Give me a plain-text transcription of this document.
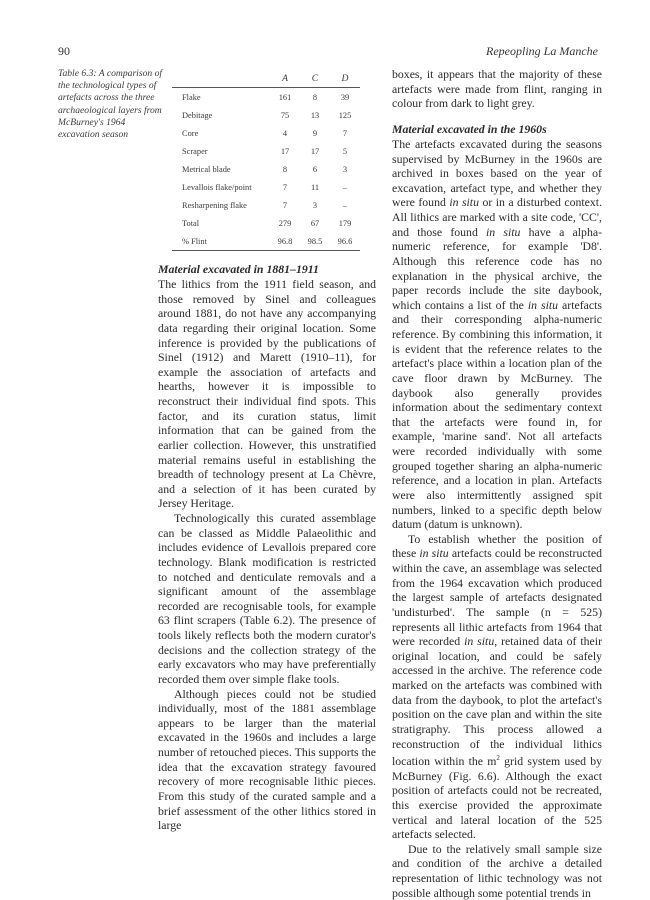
90	Repeopling La Manche
Table 6.3: A comparison of the technological types of artefacts across the three archaeological layers from McBurney's 1964 excavation season
	A	C	D
Flake	161	8	39
Debitage	75	13	125
Core	4	9	7
Scraper	17	17	5
Metrical blade	8	6	3
Levallois flake/point	7	11	–
Resharpening flake	7	3	–
Total	279	67	179
% Flint	96.8	98.5	96.6
Material excavated in 1881–1911

The lithics from the 1911 field season, and those removed by Sinel and colleagues around 1881, do not have any accompanying data regarding their original location. Some inference is provided by the publications of Sinel (1912) and Marett (1910–11), for example the association of artefacts and hearths, however it is impossible to reconstruct their individual find spots. This factor, and its curation status, limit information that can be gained from the earlier collection. However, this unstratified material remains useful in establishing the breadth of technology present at La Chèvre, and a selection of it has been curated by Jersey Heritage.

Technologically this curated assemblage can be classed as Middle Palaeolithic and includes evidence of Levallois prepared core technology. Blank modification is restricted to notched and denticulate removals and a significant amount of the assemblage recorded are recognisable tools, for example 63 flint scrapers (Table 6.2). The presence of tools likely reflects both the modern curator's decisions and the collection strategy of the early excavators who may have preferentially recorded them over simple flake tools.

Although pieces could not be studied individually, most of the 1881 assemblage appears to be larger than the material excavated in the 1960s and includes a large number of retouched pieces. This supports the idea that the excavation strategy favoured recovery of more recognisable lithic pieces. From this study of the curated sample and a brief assessment of the other lithics stored in large

boxes, it appears that the majority of these artefacts were made from flint, ranging in colour from dark to light grey.

Material excavated in the 1960s

The artefacts excavated during the seasons supervised by McBurney in the 1960s are archived in boxes based on the year of excavation, artefact type, and whether they were found in situ or in a disturbed context. All lithics are marked with a site code, 'CC', and those found in situ have a alpha-numeric reference, for example 'D8'. Although this reference code has no explanation in the physical archive, the paper records include the site daybook, which contains a list of the in situ artefacts and their corresponding alpha-numeric reference. By combining this information, it is evident that the reference relates to the artefact's place within a location plan of the cave floor drawn by McBurney. The daybook also generally provides information about the sedimentary context that the artefacts were found in, for example, 'marine sand'. Not all artefacts were recorded individually with some grouped together sharing an alpha-numeric reference, and a location in plan. Artefacts were also intermittently assigned spit numbers, linked to a specific depth below datum (datum is unknown).

To establish whether the position of these in situ artefacts could be reconstructed within the cave, an assemblage was selected from the 1964 excavation which produced the largest sample of artefacts designated 'undisturbed'. The sample (n = 525) represents all lithic artefacts from 1964 that were recorded in situ, retained data of their original location, and could be safely accessed in the archive. The reference code marked on the artefacts was combined with data from the daybook, to plot the artefact's position on the cave plan and within the site stratigraphy. This process allowed a reconstruction of the individual lithics location within the $m^2$ grid system used by McBurney (Fig. 6.6). Although the exact position of artefacts could not be recreated, this exercise provided the approximate vertical and lateral location of the 525 artefacts selected.

Due to the relatively small sample size and condition of the archive a detailed representation of lithic technology was not possible although some potential trends in
